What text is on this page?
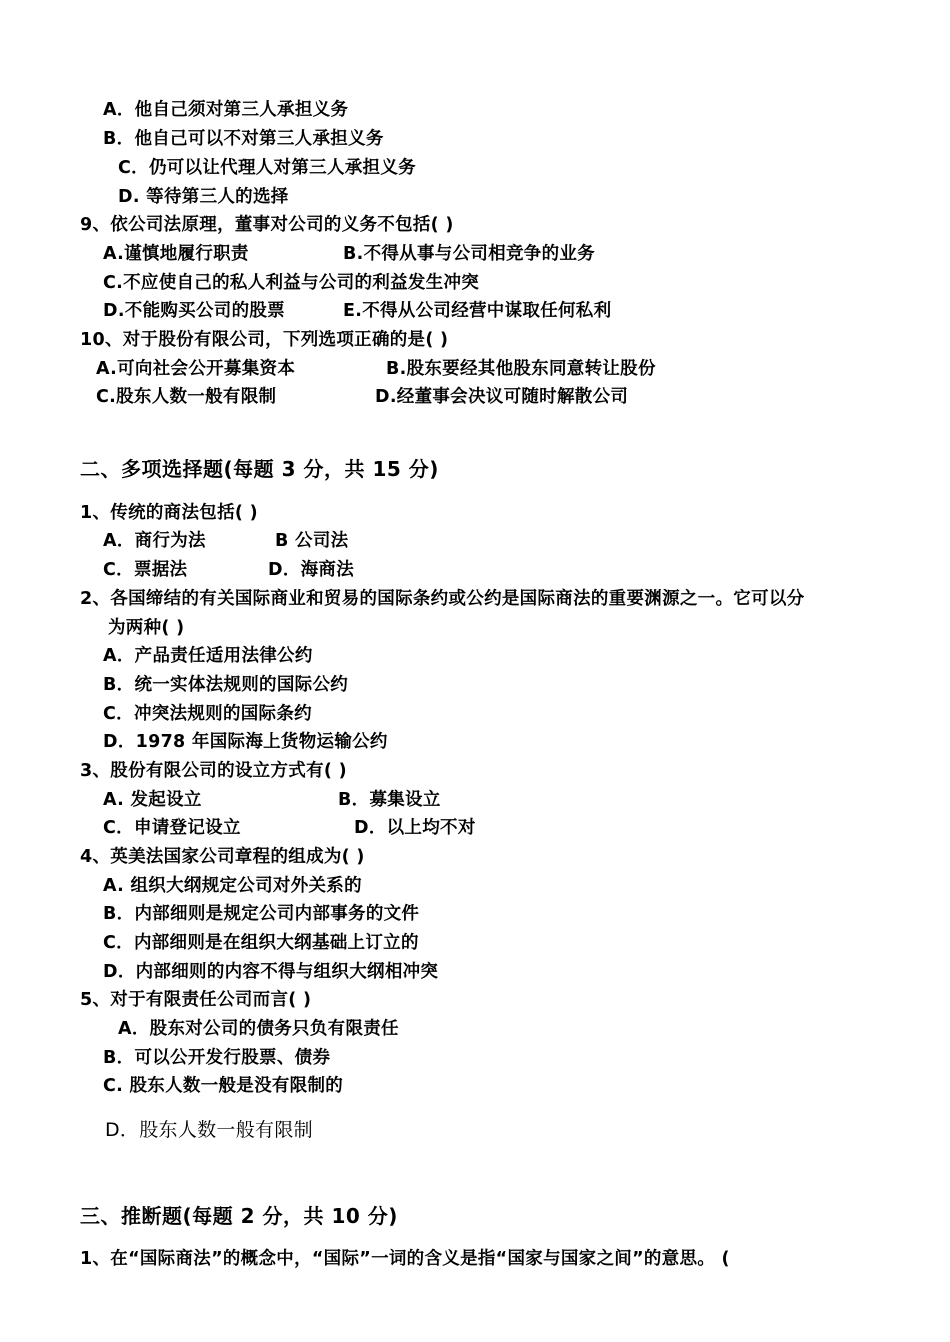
A．他自己须对第三人承担义务
B．他自己可以不对第三人承担义务
C．仍可以让代理人对第三人承担义务
D. 等待第三人的选择
9、依公司法原理，董事对公司的义务不包括( )
A.谨慎地履行职责	B.不得从事与公司相竞争的业务
C.不应使自己的私人利益与公司的利益发生冲突
D.不能购买公司的股票	E.不得从公司经营中谋取任何私利
10、对于股份有限公司，下列选项正确的是( )
A.可向社会公开募集资本	B.股东要经其他股东同意转让股份
C.股东人数一般有限制	D.经董事会决议可随时解散公司
二、多项选择题(每题 3 分，共 15 分)
1、传统的商法包括( )
A．商行为法	B 公司法
C．票据法	D．海商法
2、各国缔结的有关国际商业和贸易的国际条约或公约是国际商法的重要渊源之一。它可以分
为两种( )
A．产品责任适用法律公约
B．统一实体法规则的国际公约
C．冲突法规则的国际条约
D．1978 年国际海上货物运输公约
3、股份有限公司的设立方式有( )
A. 发起设立	B．募集设立
C．申请登记设立	D．以上均不对
4、英美法国家公司章程的组成为( )
A. 组织大纲规定公司对外关系的
B．内部细则是规定公司内部事务的文件
C．内部细则是在组织大纲基础上订立的
D．内部细则的内容不得与组织大纲相冲突
5、对于有限责任公司而言( )
A．股东对公司的债务只负有限责任
B．可以公开发行股票、债券
C. 股东人数一般是没有限制的
D．股东人数一般有限制
三、推断题(每题 2 分，共 10 分)
1、在“国际商法”的概念中，“国际”一词的含义是指“国家与国家之间”的意思。 (
